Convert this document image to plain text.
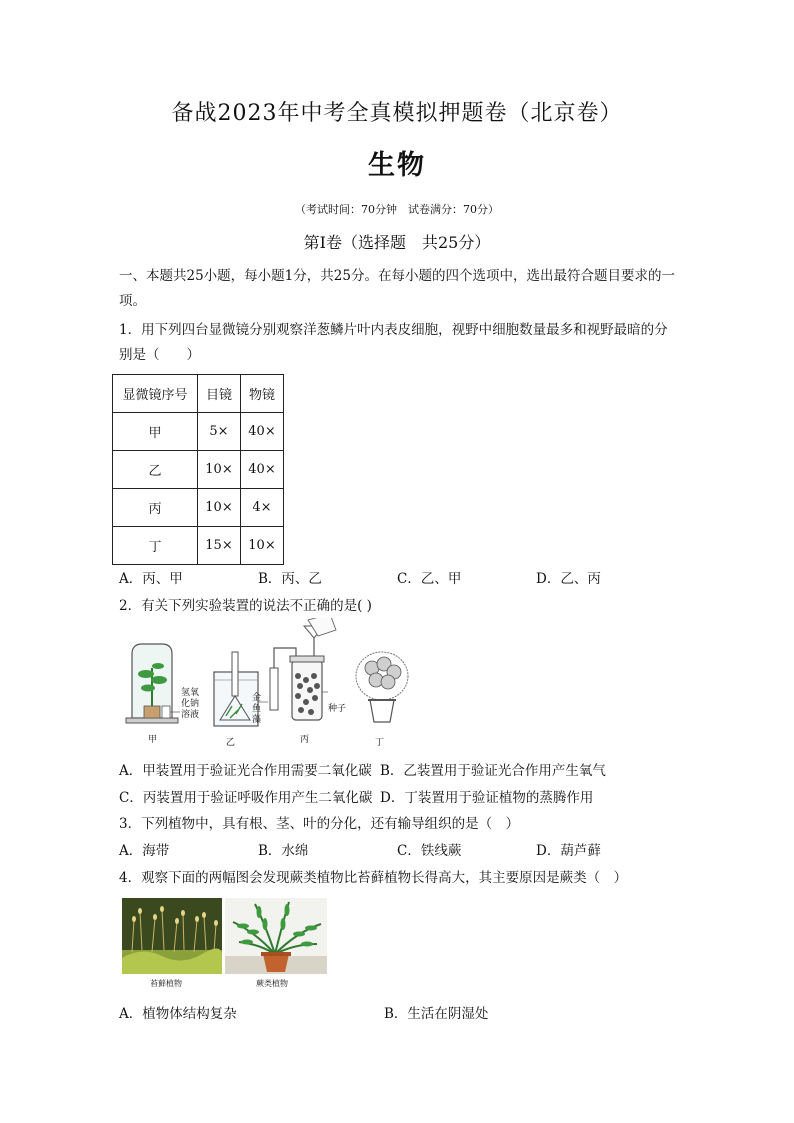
备战2023年中考全真模拟押题卷（北京卷）
生物
（考试时间：70分钟　试卷满分：70分）
第Ⅰ卷（选择题　共25分）
一、本题共25小题，每小题1分，共25分。在每小题的四个选项中，选出最符合题目要求的一项。
1．用下列四台显微镜分别观察洋葱鳞片叶内表皮细胞，视野中细胞数量最多和视野最暗的分别是（　　）
显微镜序号	目镜	物镜
甲	5×	40×
乙	10×	40×
丙	10×	4×
丁	15×	10×
A．丙、甲	B．丙、乙	C．乙、甲	D．乙、丙
2．有关下列实验装置的说法不正确的是( )
氢氧化钠溶液
金鱼藻
种子
甲	乙	丙	丁
A．甲装置用于验证光合作用需要二氧化碳 B．乙装置用于验证光合作用产生氧气
C．丙装置用于验证呼吸作用产生二氧化碳 D．丁装置用于验证植物的蒸腾作用
3．下列植物中，具有根、茎、叶的分化，还有输导组织的是（　）
A．海带	B．水绵	C．铁线蕨	D．葫芦藓
4．观察下面的两幅图会发现蕨类植物比苔藓植物长得高大，其主要原因是蕨类（　）
苔藓植物	蕨类植物
A．植物体结构复杂	B．生活在阴湿处
